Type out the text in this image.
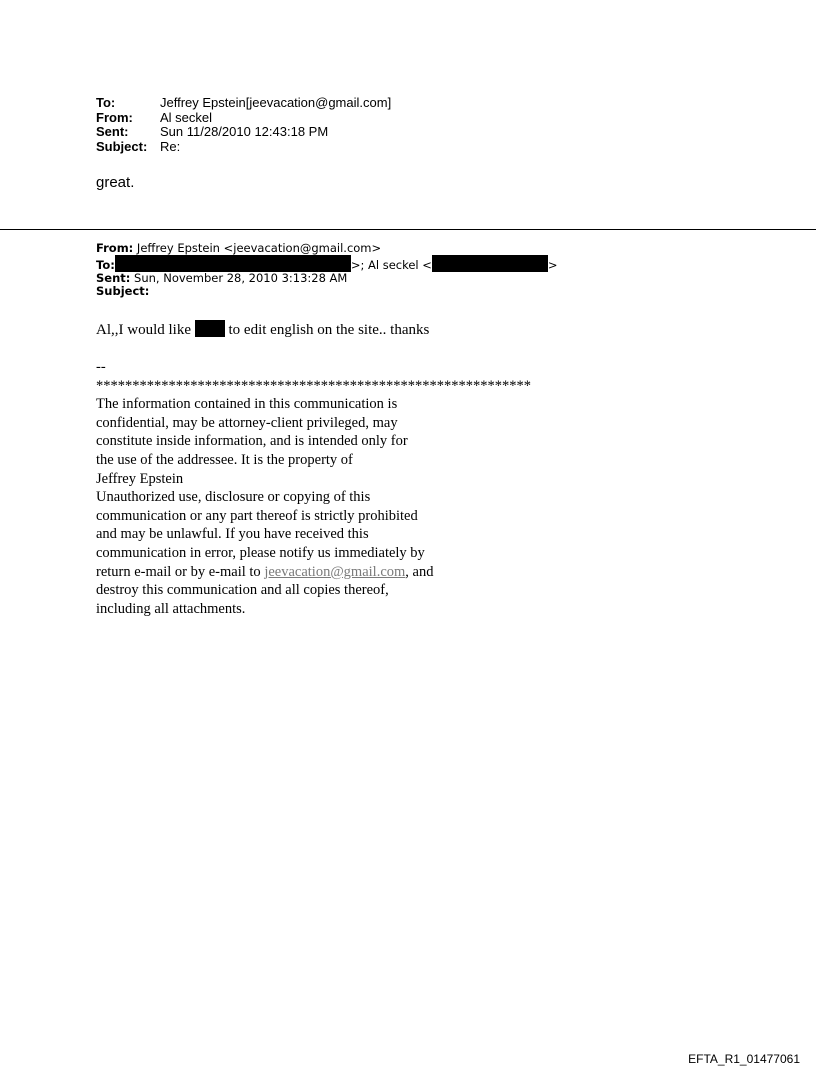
To:	Jeffrey Epstein[jeevacation@gmail.com]
From:	Al seckel
Sent:	Sun 11/28/2010 12:43:18 PM
Subject: Re:
great.
From: Jeffrey Epstein <jeevacation@gmail.com>
To:	>; Al seckel <	>
Sent: Sun, November 28, 2010 3:13:28 AM
Subject:
Al,,I would like  to edit english on the site.. thanks
--
************************************************************
The information contained in this communication is
confidential, may be attorney-client privileged, may
constitute inside information, and is intended only for
the use of the addressee. It is the property of
Jeffrey Epstein
Unauthorized use, disclosure or copying of this
communication or any part thereof is strictly prohibited
and may be unlawful. If you have received this
communication in error, please notify us immediately by
return e-mail or by e-mail to jeevacation@gmail.com, and
destroy this communication and all copies thereof,
including all attachments.
EFTA_R1_01477061
